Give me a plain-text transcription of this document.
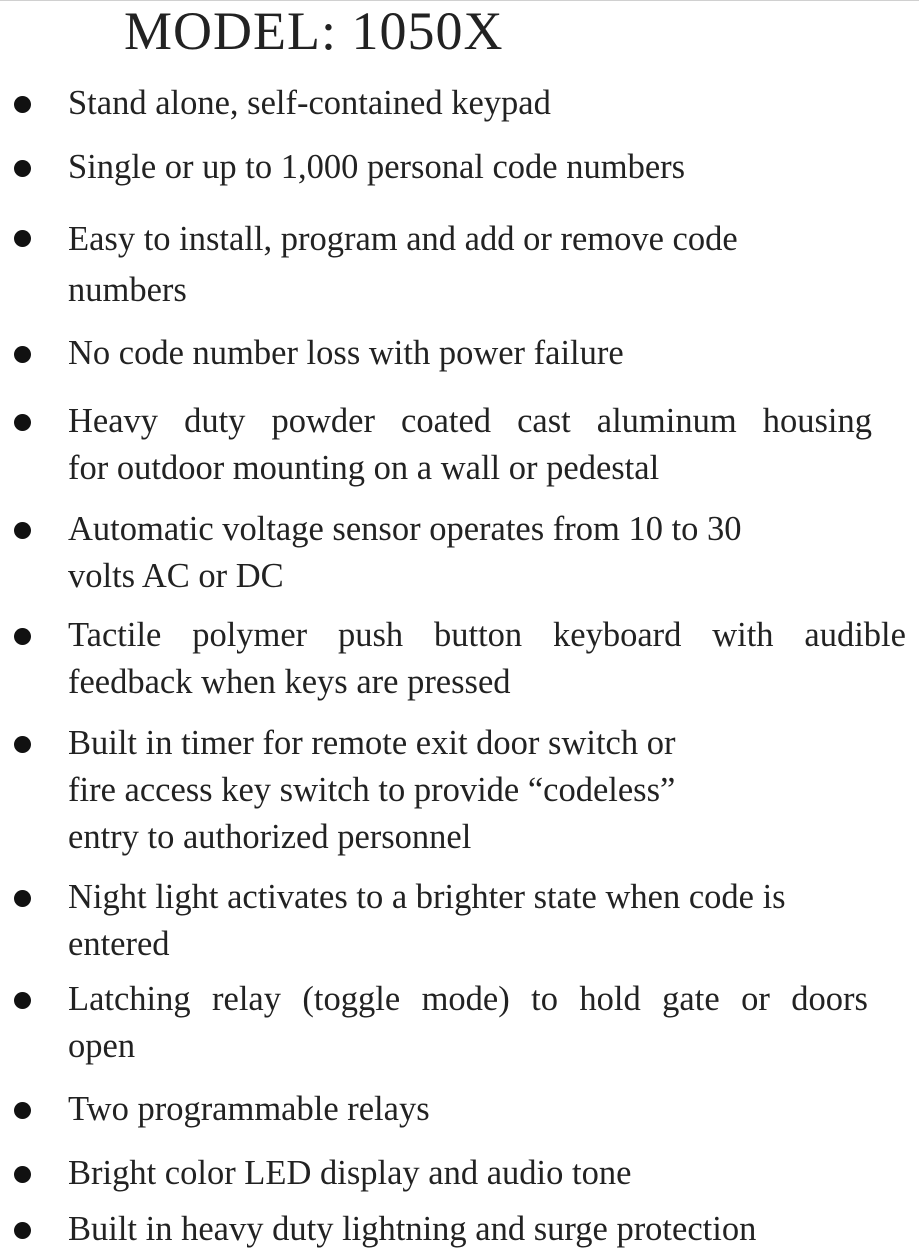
MODEL: 1050X

Stand alone, self-contained keypad

Single or up to 1,000 personal code numbers

Easy to install, program and add or remove code
numbers

No code number loss with power failure

Heavy duty powder coated cast aluminum housing
for outdoor mounting on a wall or pedestal

Automatic voltage sensor operates from 10 to 30
volts AC or DC

Tactile polymer push button keyboard with audible
feedback when keys are pressed

Built in timer for remote exit door switch or
fire access key switch to provide “codeless”
entry to authorized personnel

Night light activates to a brighter state when code is
entered

Latching relay (toggle mode) to hold gate or doors
open

Two programmable relays

Bright color LED display and audio tone

Built in heavy duty lightning and surge protection
